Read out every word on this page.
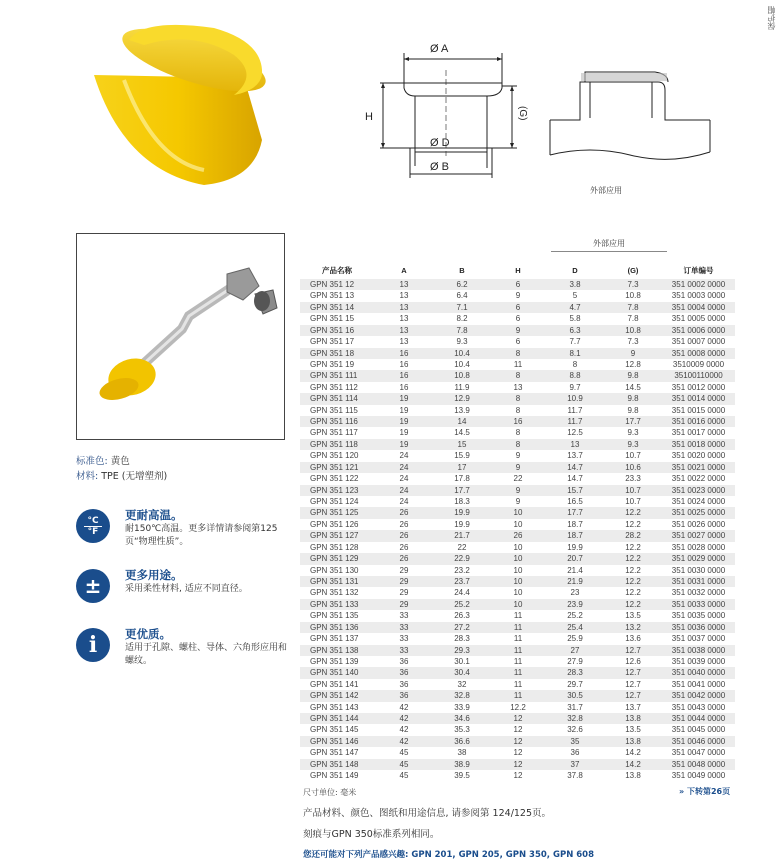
保护帽
Ø A
Ø D
Ø B
H	(G)
外部应用
标准色: 黄色
材料: TPE (无增塑剂)
°C
°F
更耐高温。
耐150℃高温。更多详情请参阅第125页“物理性质”。
± 更多用途。
采用柔性材料, 适应不同直径。
i 更优质。
适用于孔隙、螺柱、导体、六角形应用和螺纹。
外部应用
产品名称	A	B	H	D	(G)	订单编号
GPN 351 12	13	6.2	6	3.8	7.3	351 0002 0000
GPN 351 13	13	6.4	9	5	10.8	351 0003 0000
GPN 351 14	13	7.1	6	4.7	7.8	351 0004 0000
GPN 351 15	13	8.2	6	5.8	7.8	351 0005 0000
GPN 351 16	13	7.8	9	6.3	10.8	351 0006 0000
GPN 351 17	13	9.3	6	7.7	7.3	351 0007 0000
GPN 351 18	16	10.4	8	8.1	9	351 0008 0000
GPN 351 19	16	10.4	11	8	12.8	3510009 0000
GPN 351 111	16	10.8	8	8.8	9.8	35100110000
GPN 351 112	16	11.9	13	9.7	14.5	351 0012 0000
GPN 351 114	19	12.9	8	10.9	9.8	351 0014 0000
GPN 351 115	19	13.9	8	11.7	9.8	351 0015 0000
GPN 351 116	19	14	16	11.7	17.7	351 0016 0000
GPN 351 117	19	14.5	8	12.5	9.3	351 0017 0000
GPN 351 118	19	15	8	13	9.3	351 0018 0000
GPN 351 120	24	15.9	9	13.7	10.7	351 0020 0000
GPN 351 121	24	17	9	14.7	10.6	351 0021 0000
GPN 351 122	24	17.8	22	14.7	23.3	351 0022 0000
GPN 351 123	24	17.7	9	15.7	10.7	351 0023 0000
GPN 351 124	24	18.3	9	16.5	10.7	351 0024 0000
GPN 351 125	26	19.9	10	17.7	12.2	351 0025 0000
GPN 351 126	26	19.9	10	18.7	12.2	351 0026 0000
GPN 351 127	26	21.7	26	18.7	28.2	351 0027 0000
GPN 351 128	26	22	10	19.9	12.2	351 0028 0000
GPN 351 129	26	22.9	10	20.7	12.2	351 0029 0000
GPN 351 130	29	23.2	10	21.4	12.2	351 0030 0000
GPN 351 131	29	23.7	10	21.9	12.2	351 0031 0000
GPN 351 132	29	24.4	10	23	12.2	351 0032 0000
GPN 351 133	29	25.2	10	23.9	12.2	351 0033 0000
GPN 351 135	33	26.3	11	25.2	13.5	351 0035 0000
GPN 351 136	33	27.2	11	25.4	13.2	351 0036 0000
GPN 351 137	33	28.3	11	25.9	13.6	351 0037 0000
GPN 351 138	33	29.3	11	27	12.7	351 0038 0000
GPN 351 139	36	30.1	11	27.9	12.6	351 0039 0000
GPN 351 140	36	30.4	11	28.3	12.7	351 0040 0000
GPN 351 141	36	32	11	29.7	12.7	351 0041 0000
GPN 351 142	36	32.8	11	30.5	12.7	351 0042 0000
GPN 351 143	42	33.9	12.2	31.7	13.7	351 0043 0000
GPN 351 144	42	34.6	12	32.8	13.8	351 0044 0000
GPN 351 145	42	35.3	12	32.6	13.5	351 0045 0000
GPN 351 146	42	36.6	12	35	13.8	351 0046 0000
GPN 351 147	45	38	12	36	14.2	351 0047 0000
GPN 351 148	45	38.9	12	37	14.2	351 0048 0000
GPN 351 149	45	39.5	12	37.8	13.8	351 0049 0000
尺寸单位: 毫米	» 下转第26页
产品材料、颜色、图纸和用途信息, 请参阅第 124/125页。
刻痕与GPN 350标准系列相同。
您还可能对下列产品感兴趣: GPN 201, GPN 205, GPN 350, GPN 608
